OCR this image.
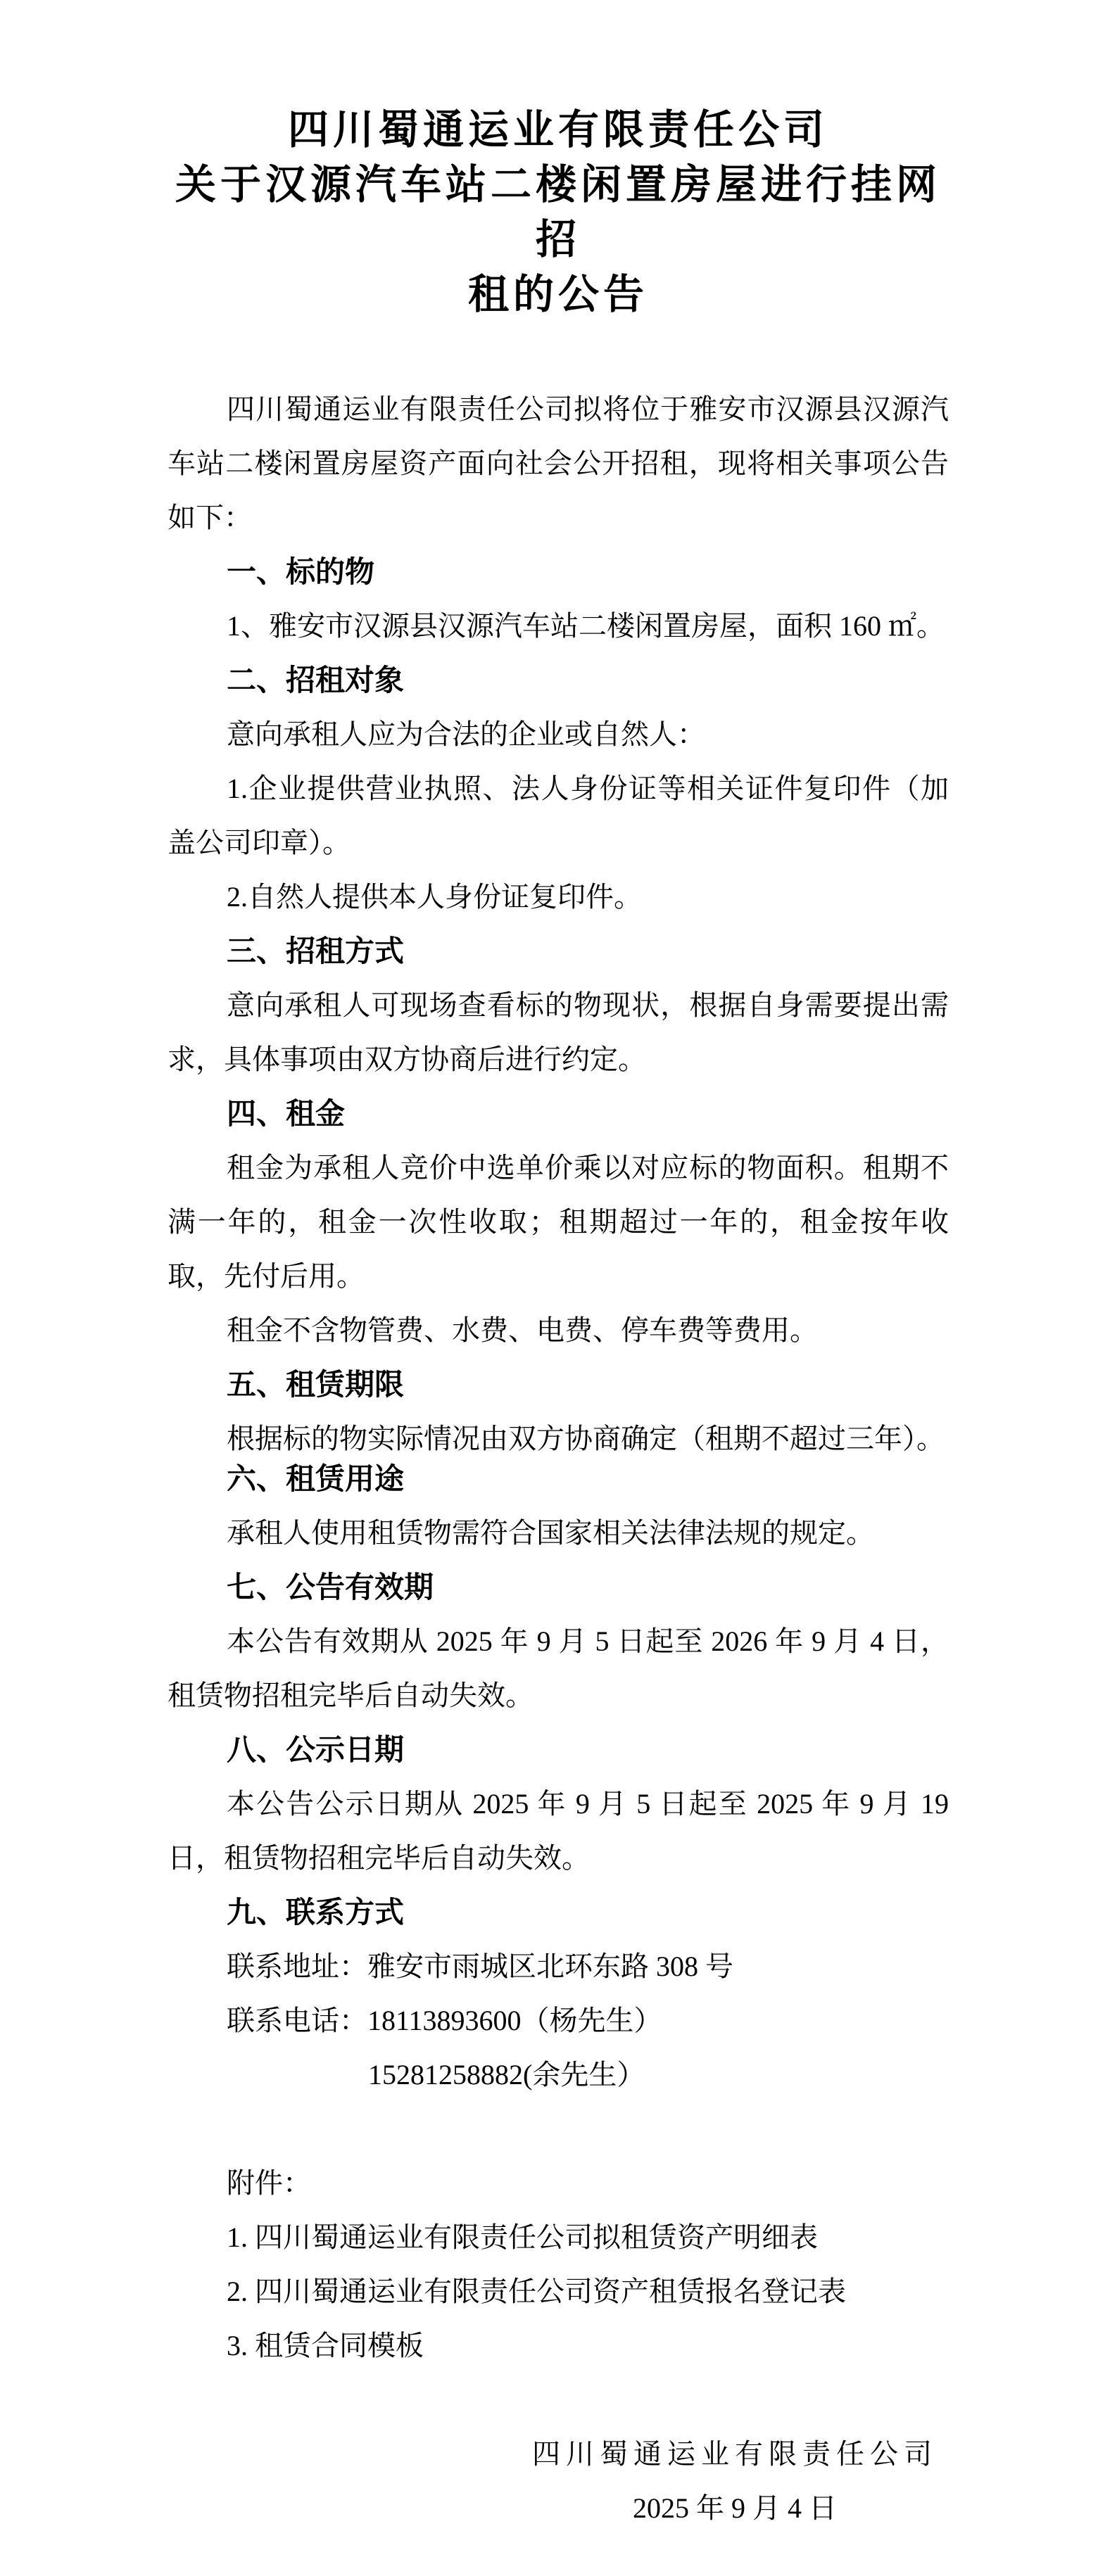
四川蜀通运业有限责任公司
关于汉源汽车站二楼闲置房屋进行挂网招
租的公告

四川蜀通运业有限责任公司拟将位于雅安市汉源县汉源汽车站二楼闲置房屋资产面向社会公开招租，现将相关事项公告如下：

一、标的物

1、雅安市汉源县汉源汽车站二楼闲置房屋，面积 160 ㎡。

二、招租对象

意向承租人应为合法的企业或自然人：

1.企业提供营业执照、法人身份证等相关证件复印件（加盖公司印章）。

2.自然人提供本人身份证复印件。

三、招租方式

意向承租人可现场查看标的物现状，根据自身需要提出需求，具体事项由双方协商后进行约定。

四、租金

租金为承租人竞价中选单价乘以对应标的物面积。租期不满一年的，租金一次性收取；租期超过一年的，租金按年收取，先付后用。

租金不含物管费、水费、电费、停车费等费用。

五、租赁期限

根据标的物实际情况由双方协商确定（租期不超过三年）。

六、租赁用途

承租人使用租赁物需符合国家相关法律法规的规定。

七、公告有效期

本公告有效期从 2025 年 9 月 5 日起至 2026 年 9 月 4 日，租赁物招租完毕后自动失效。

八、公示日期

本公告公示日期从 2025 年 9 月 5 日起至 2025 年 9 月 19 日，租赁物招租完毕后自动失效。

九、联系方式

联系地址：雅安市雨城区北环东路 308 号

联系电话：18113893600（杨先生）

15281258882(余先生）

附件：

1. 四川蜀通运业有限责任公司拟租赁资产明细表

2. 四川蜀通运业有限责任公司资产租赁报名登记表

3. 租赁合同模板

四川蜀通运业有限责任公司

2025 年 9 月 4 日
